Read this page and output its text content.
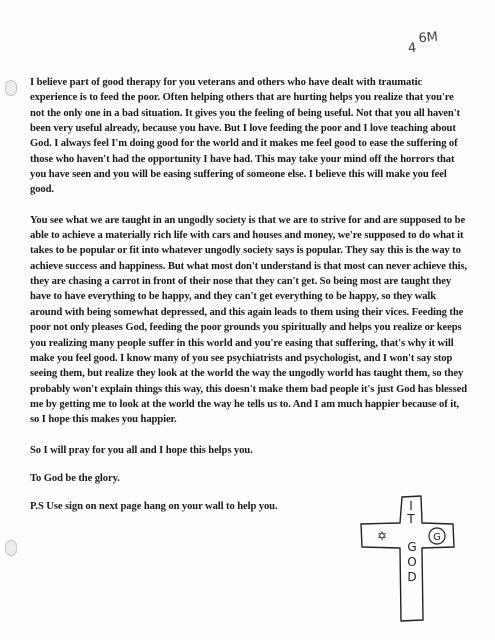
46M

I believe part of good therapy for you veterans and others who have dealt with traumatic experience is to feed the poor. Often helping others that are hurting helps you realize that you're not the only one in a bad situation. It gives you the feeling of being useful. Not that you all haven't been very useful already, because you have. But I love feeding the poor and I love teaching about God. I always feel I'm doing good for the world and it makes me feel good to ease the suffering of those who haven't had the opportunity I have had. This may take your mind off the horrors that you have seen and you will be easing suffering of someone else. I believe this will make you feel good.

You see what we are taught in an ungodly society is that we are to strive for and are supposed to be able to achieve a materially rich life with cars and houses and money, we're supposed to do what it takes to be popular or fit into whatever ungodly society says is popular. They say this is the way to achieve success and happiness. But what most don't understand is that most can never achieve this, they are chasing a carrot in front of their nose that they can't get. So being most are taught they have to have everything to be happy, and they can't get everything to be happy, so they walk around with being somewhat depressed, and this again leads to them using their vices. Feeding the poor not only pleases God, feeding the poor grounds you spiritually and helps you realize or keeps you realizing many people suffer in this world and you're easing that suffering, that's why it will make you feel good. I know many of you see psychiatrists and psychologist, and I won't say stop seeing them, but realize they look at the world the way the ungodly world has taught them, so they probably won't explain things this way, this doesn't make them bad people it's just God has blessed me by getting me to look at the world the way he tells us to. And I am much happier because of it, so I hope this makes you happier.

So I will pray for you all and I hope this helps you.

To God be the glory.

P.S Use sign on next page hang on your wall to help you.

✡	G
I
T
G
O
D
